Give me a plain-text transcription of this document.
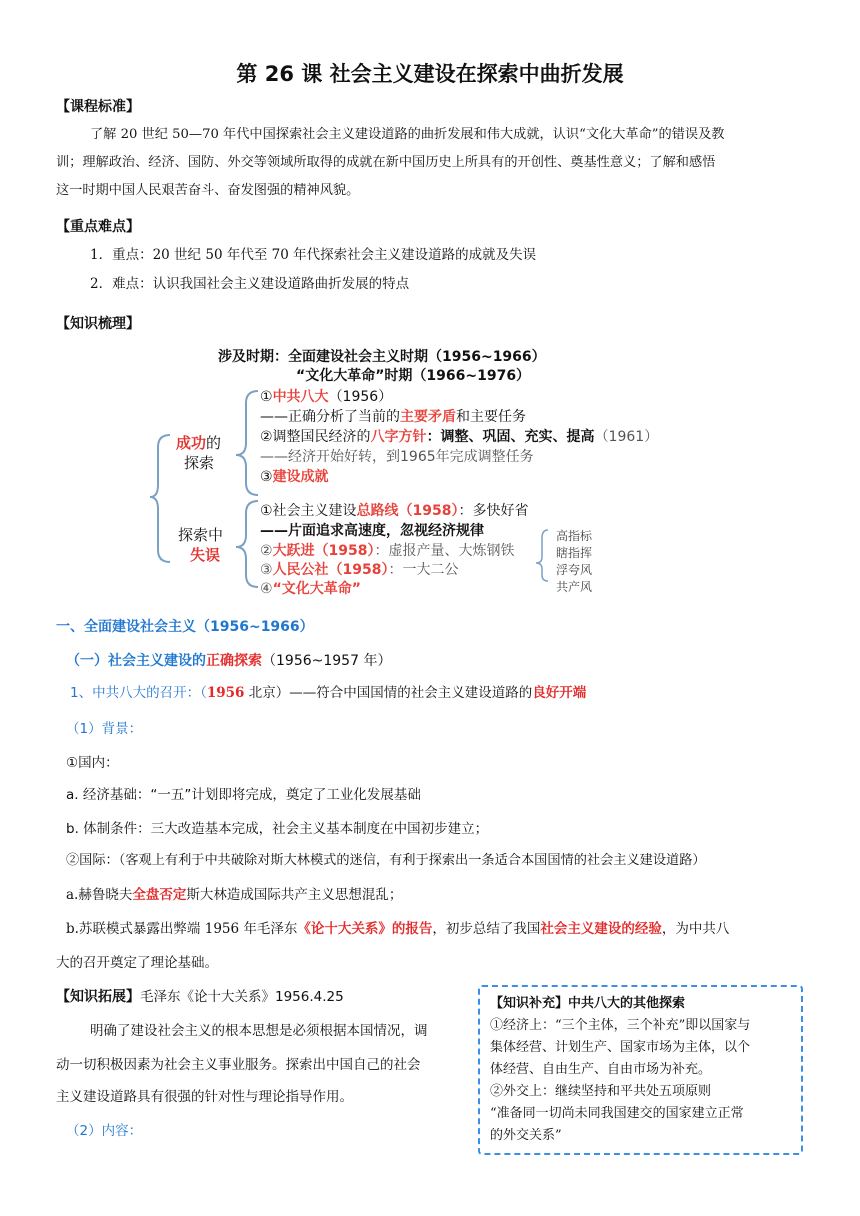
第 26 课 社会主义建设在探索中曲折发展
【课程标准】
了解 20 世纪 50—70 年代中国探索社会主义建设道路的曲折发展和伟大成就，认识“文化大革命”的错误及教
训；理解政治、经济、国防、外交等领域所取得的成就在新中国历史上所具有的开创性、奠基性意义；了解和感悟
这一时期中国人民艰苦奋斗、奋发图强的精神风貌。
【重点难点】
1．重点：20 世纪 50 年代至 70 年代探索社会主义建设道路的成就及失误
2．难点：认识我国社会主义建设道路曲折发展的特点
【知识梳理】
涉及时期：全面建设社会主义时期（1956~1966）
“文化大革命”时期（1966~1976）
成功的
探索
探索中
失误
①中共八大（1956）
——正确分析了当前的主要矛盾和主要任务
②调整国民经济的八字方针：调整、巩固、充实、提高（1961）
——经济开始好转，到1965年完成调整任务
③建设成就
①社会主义建设总路线（1958）：多快好省
——片面追求高速度，忽视经济规律
②大跃进（1958）：虚报产量、大炼钢铁
③人民公社（1958）：一大二公
④“文化大革命”
高指标
瞎指挥
浮夸风
共产风
一、全面建设社会主义（1956~1966）
（一）社会主义建设的正确探索（1956~1957 年）
1、中共八大的召开：（1956 北京）——符合中国国情的社会主义建设道路的良好开端
（1）背景：
①国内：
a. 经济基础：“一五”计划即将完成，奠定了工业化发展基础
b. 体制条件：三大改造基本完成，社会主义基本制度在中国初步建立；
②国际：（客观上有利于中共破除对斯大林模式的迷信，有利于探索出一条适合本国国情的社会主义建设道路）
a.赫鲁晓夫全盘否定斯大林造成国际共产主义思想混乱；
b.苏联模式暴露出弊端 1956 年毛泽东《论十大关系》的报告，初步总结了我国社会主义建设的经验，为中共八
大的召开奠定了理论基础。
【知识拓展】毛泽东《论十大关系》1956.4.25
明确了建设社会主义的根本思想是必须根据本国情况，调
动一切积极因素为社会主义事业服务。探索出中国自己的社会
主义建设道路具有很强的针对性与理论指导作用。
（2）内容：
【知识补充】中共八大的其他探索
①经济上：“三个主体，三个补充”即以国家与
集体经营、计划生产、国家市场为主体，以个
体经营、自由生产、自由市场为补充。
②外交上：继续坚持和平共处五项原则
“准备同一切尚未同我国建交的国家建立正常
的外交关系”
